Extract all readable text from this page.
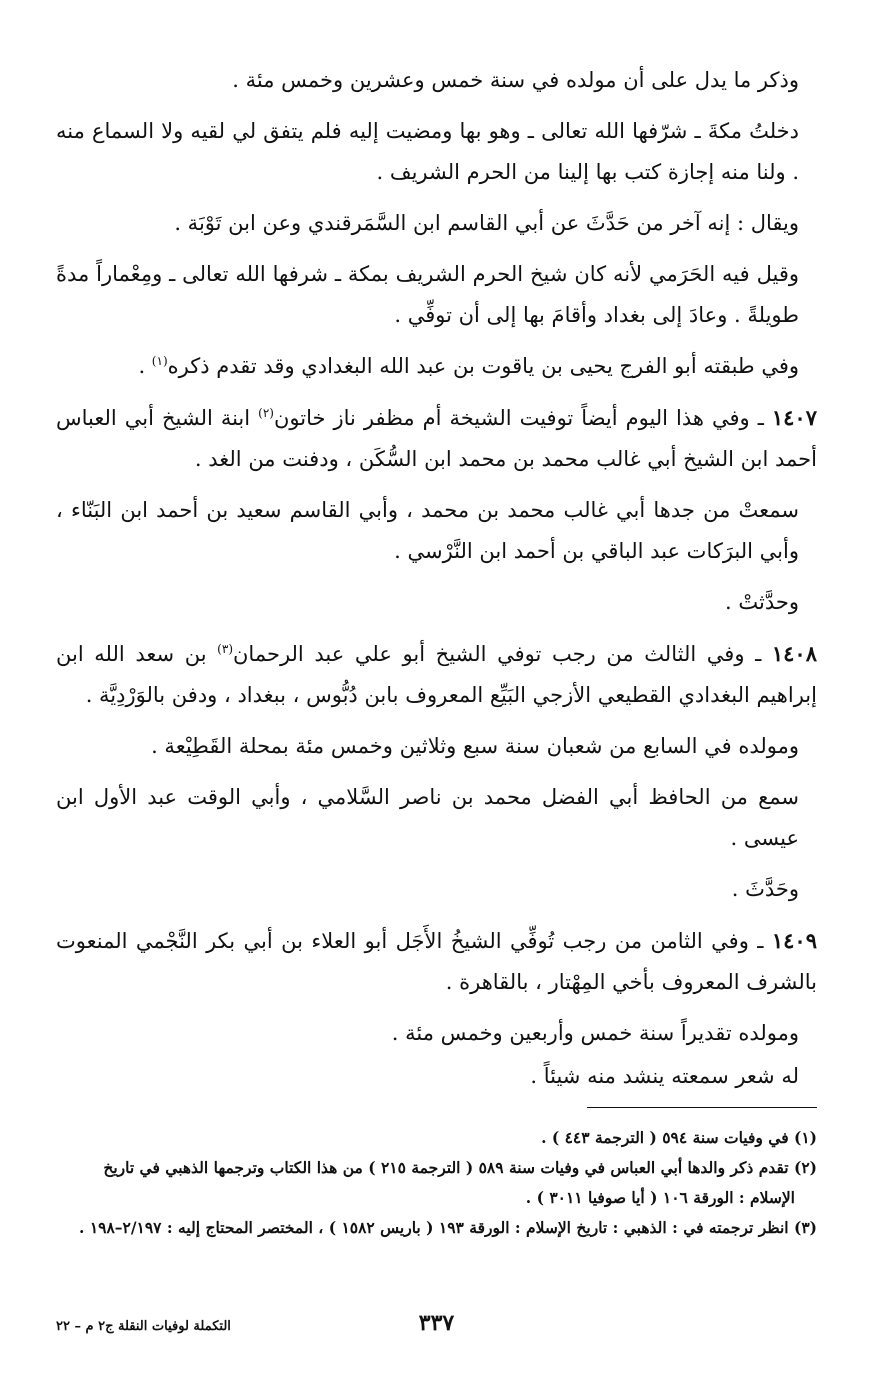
وذكر ما يدل على أن مولده في سنة خمس وعشرين وخمس مئة .

دخلتُ مكةَ ـ شرّفها الله تعالى ـ وهو بها ومضيت إليه فلم يتفق لي لقيه ولا السماع منه . ولنا منه إجازة كتب بها إلينا من الحرم الشريف .

ويقال : إنه آخر من حَدَّثَ عن أبي القاسم ابن السَّمَرقندي وعن ابن تَوْبَة .

وقيل فيه الحَرَمي لأنه كان شيخ الحرم الشريف بمكة ـ شرفها الله تعالى ـ ومِعْماراً مدةً طويلةً . وعادَ إلى بغداد وأقامَ بها إلى أن توفِّي .

وفي طبقته أبو الفرج يحيى بن ياقوت بن عبد الله البغدادي وقد تقدم ذكره$^{(١)}$ .

١٤٠٧ ـ وفي هذا اليوم أيضاً توفيت الشيخة أم مظفر ناز خاتون$^{(٢)}$ ابنة الشيخ أبي العباس أحمد ابن الشيخ أبي غالب محمد بن محمد ابن السُّكَن ، ودفنت من الغد .

سمعتْ من جدها أبي غالب محمد بن محمد ، وأبي القاسم سعيد بن أحمد ابن البَنّاء ، وأبي البرَكات عبد الباقي بن أحمد ابن النَّرْسي .

وحدَّثتْ .

١٤٠٨ ـ وفي الثالث من رجب توفي الشيخ أبو علي عبد الرحمان$^{(٣)}$ بن سعد الله ابن إبراهيم البغدادي القطيعي الأزجي البَيِّع المعروف بابن دُبُّوس ، ببغداد ، ودفن بالوَرْدِيَّة .

ومولده في السابع من شعبان سنة سبع وثلاثين وخمس مئة بمحلة القَطِيْعة .

سمع من الحافظ أبي الفضل محمد بن ناصر السَّلامي ، وأبي الوقت عبد الأول ابن عيسى .

وحَدَّثَ .

١٤٠٩ ـ وفي الثامن من رجب تُوفِّي الشيخُ الأَجَل أبو العلاء بن أبي بكر النَّجْمي المنعوت بالشرف المعروف بأخي المِهْتار ، بالقاهرة .

ومولده تقديراً سنة خمس وأربعين وخمس مئة .

له شعر سمعته ينشد منه شيئاً .

(١) في وفيات سنة ٥٩٤ ( الترجمة ٤٤٣ ) .

(٢) تقدم ذكر والدها أبي العباس في وفيات سنة ٥٨٩ ( الترجمة ٢١٥ ) من هذا الكتاب وترجمها الذهبي في تاريخ

الإسلام : الورقة ١٠٦ ( أيا صوفيا ٣٠١١ ) .

(٣) انظر ترجمته في : الذهبي : تاريخ الإسلام : الورقة ١٩٣ ( باريس ١٥٨٢ ) ، المختصر المحتاج إليه : ٢/١٩٧–١٩٨ .

٣٣٧
التكملة لوفيات النقلة ج٢ م – ٢٢
